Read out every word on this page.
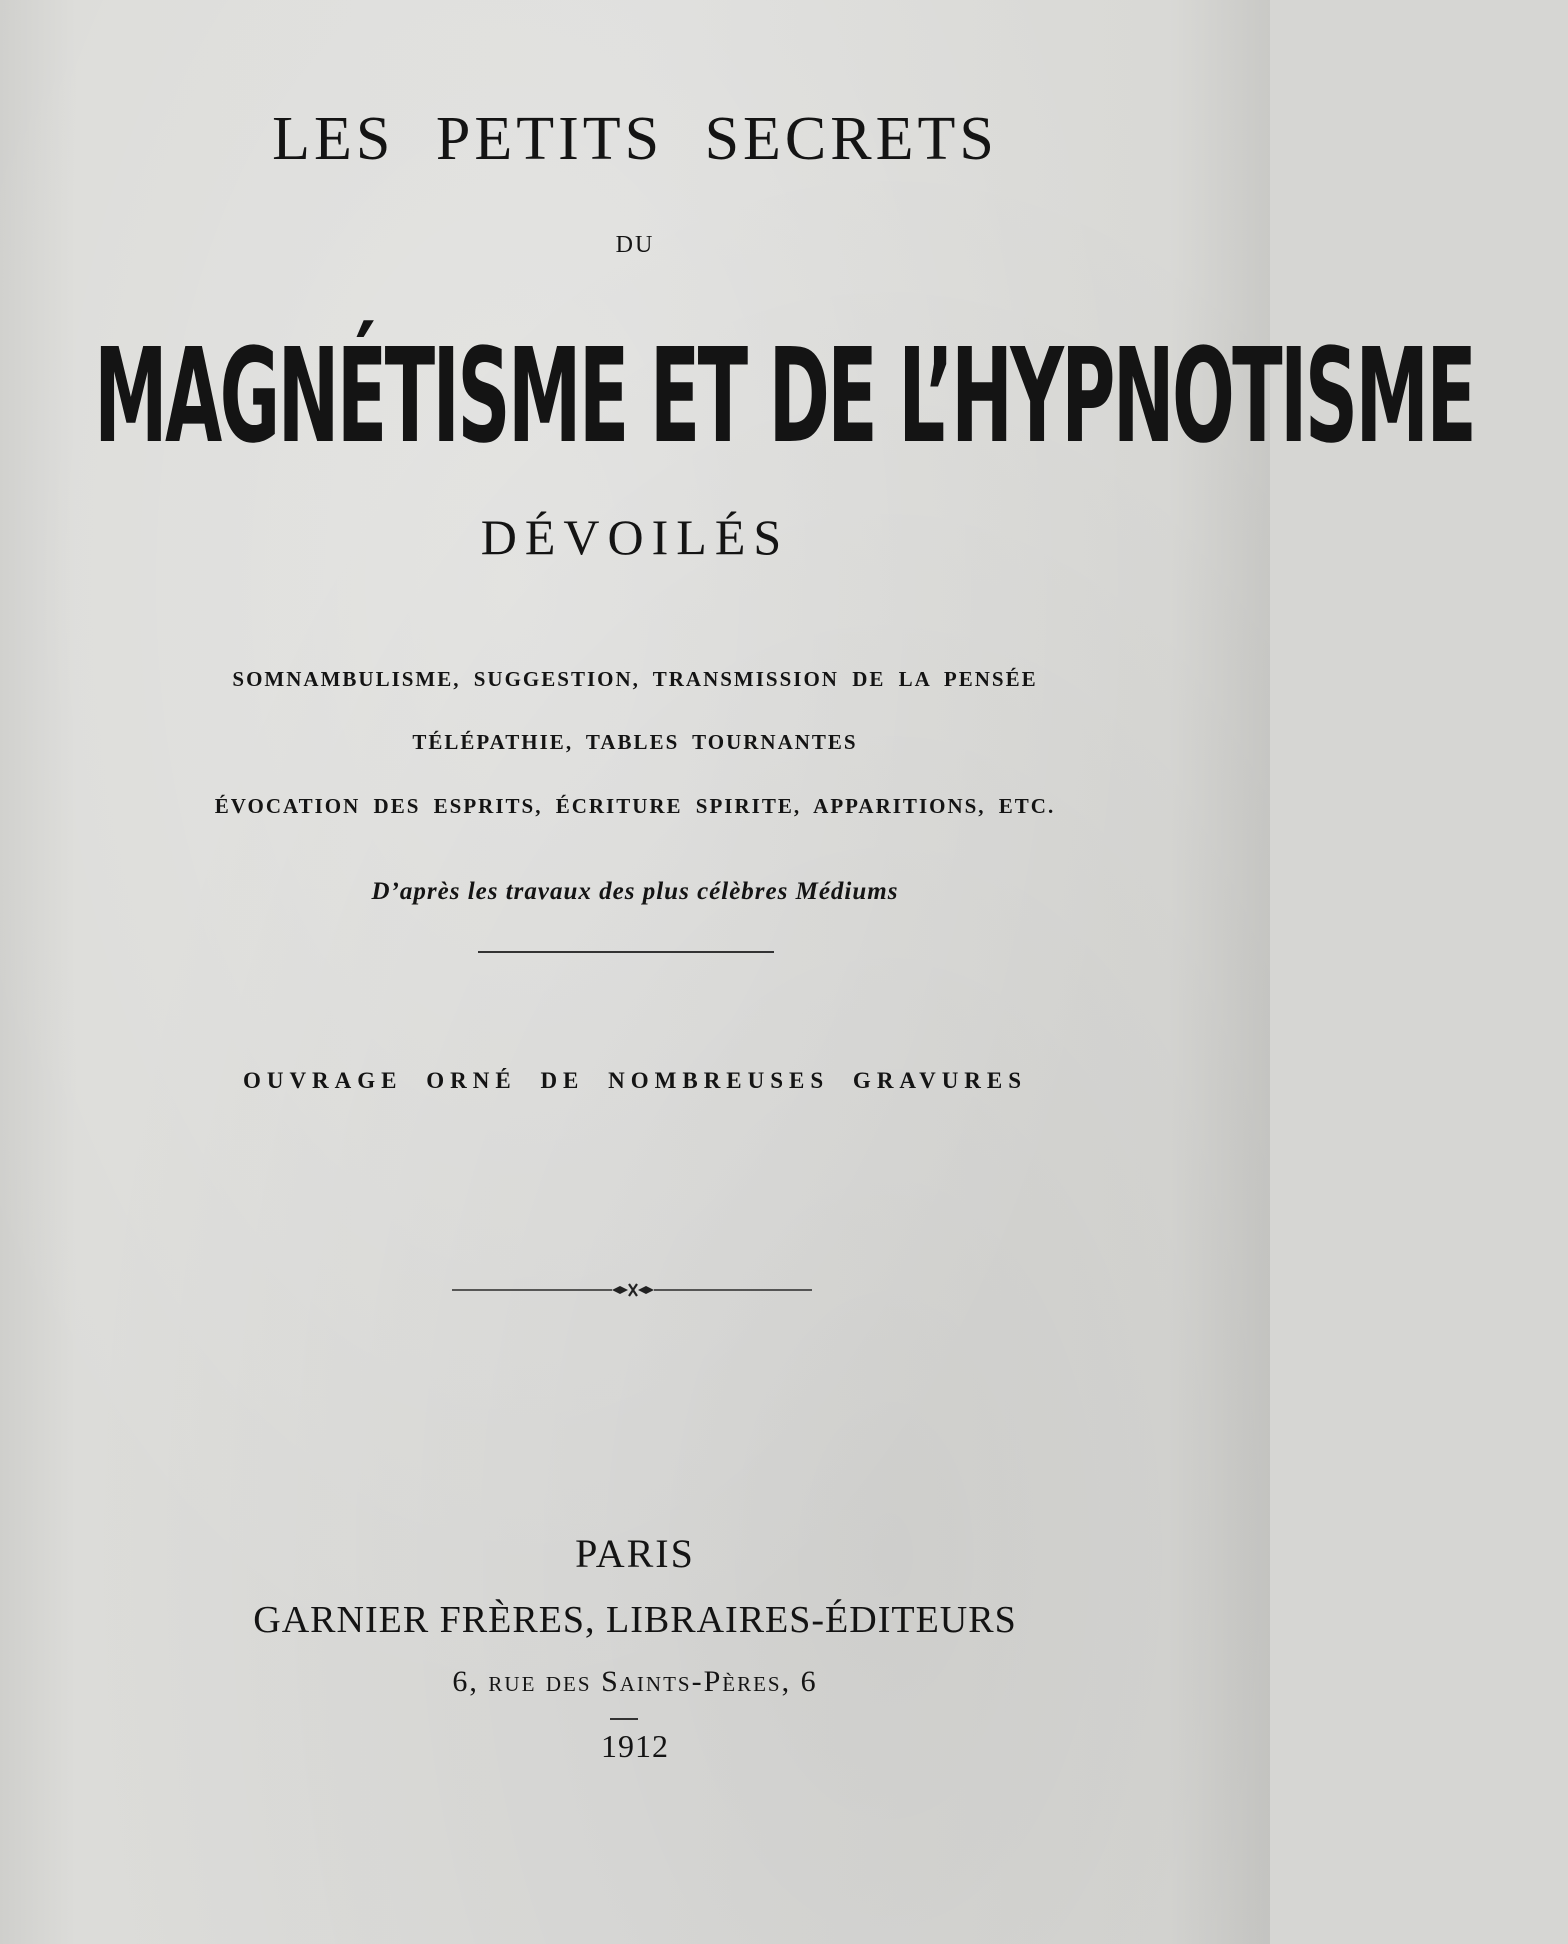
LES PETITS SECRETS
DU
MAGNÉTISME ET DE L’HYPNOTISME
DÉVOILÉS
SOMNAMBULISME, SUGGESTION, TRANSMISSION DE LA PENSÉE
TÉLÉPATHIE, TABLES TOURNANTES
ÉVOCATION DES ESPRITS, ÉCRITURE SPIRITE, APPARITIONS, ETC.
D’après les travaux des plus célèbres Médiums
OUVRAGE ORNÉ DE NOMBREUSES GRAVURES
PARIS
GARNIER FRÈRES, LIBRAIRES-ÉDITEURS
6, rue des Saints-Pères, 6
1912
